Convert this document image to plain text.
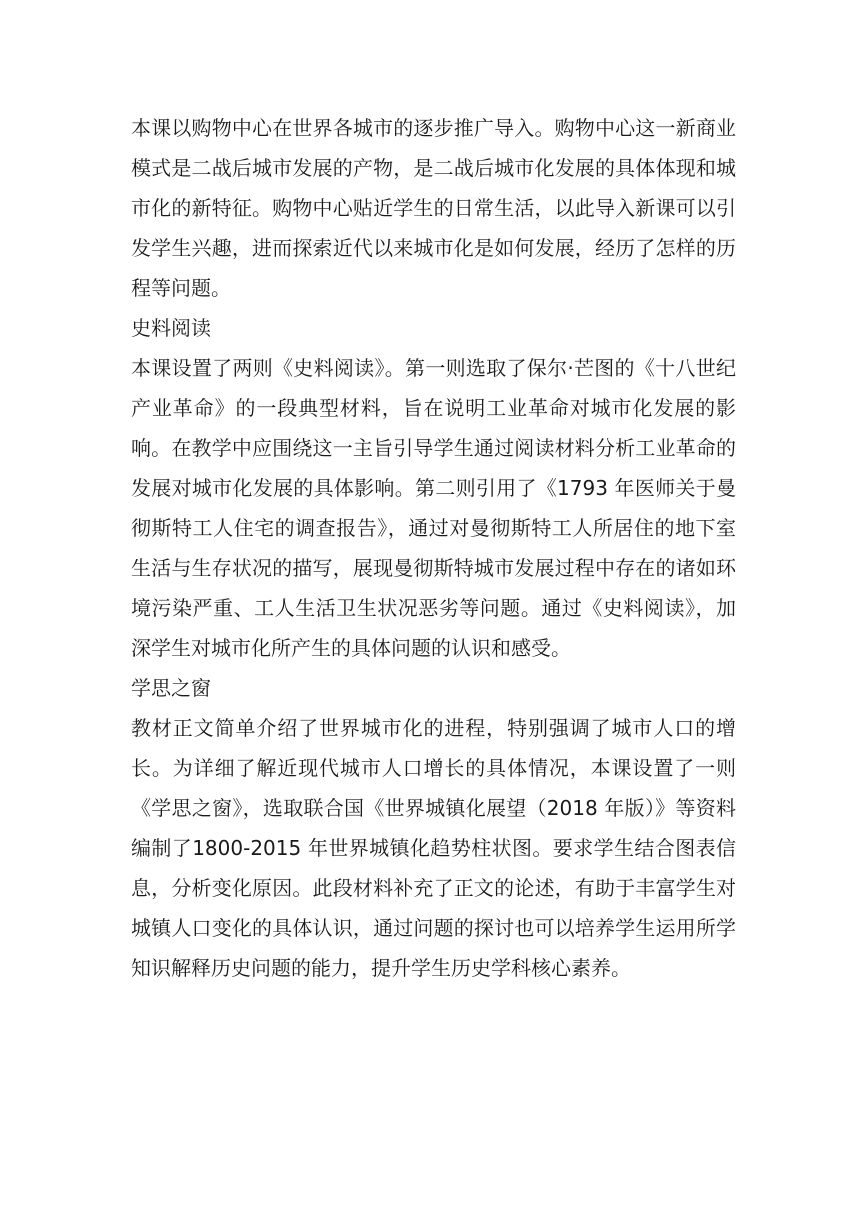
本课以购物中心在世界各城市的逐步推广导入。购物中心这一新商业模式是二战后城市发展的产物，是二战后城市化发展的具体体现和城市化的新特征。购物中心贴近学生的日常生活，以此导入新课可以引发学生兴趣，进而探索近代以来城市化是如何发展，经历了怎样的历程等问题。

史料阅读

本课设置了两则《史料阅读》。第一则选取了保尔·芒图的《十八世纪产业革命》的一段典型材料，旨在说明工业革命对城市化发展的影响。在教学中应围绕这一主旨引导学生通过阅读材料分析工业革命的发展对城市化发展的具体影响。第二则引用了《1793 年医师关于曼彻斯特工人住宅的调查报告》，通过对曼彻斯特工人所居住的地下室生活与生存状况的描写，展现曼彻斯特城市发展过程中存在的诸如环境污染严重、工人生活卫生状况恶劣等问题。通过《史料阅读》，加深学生对城市化所产生的具体问题的认识和感受。

学思之窗

教材正文简单介绍了世界城市化的进程，特别强调了城市人口的增长。为详细了解近现代城市人口增长的具体情况，本课设置了一则《学思之窗》，选取联合国《世界城镇化展望（2018 年版）》等资料编制了1800-2015 年世界城镇化趋势柱状图。要求学生结合图表信息，分析变化原因。此段材料补充了正文的论述，有助于丰富学生对城镇人口变化的具体认识，通过问题的探讨也可以培养学生运用所学知识解释历史问题的能力，提升学生历史学科核心素养。
